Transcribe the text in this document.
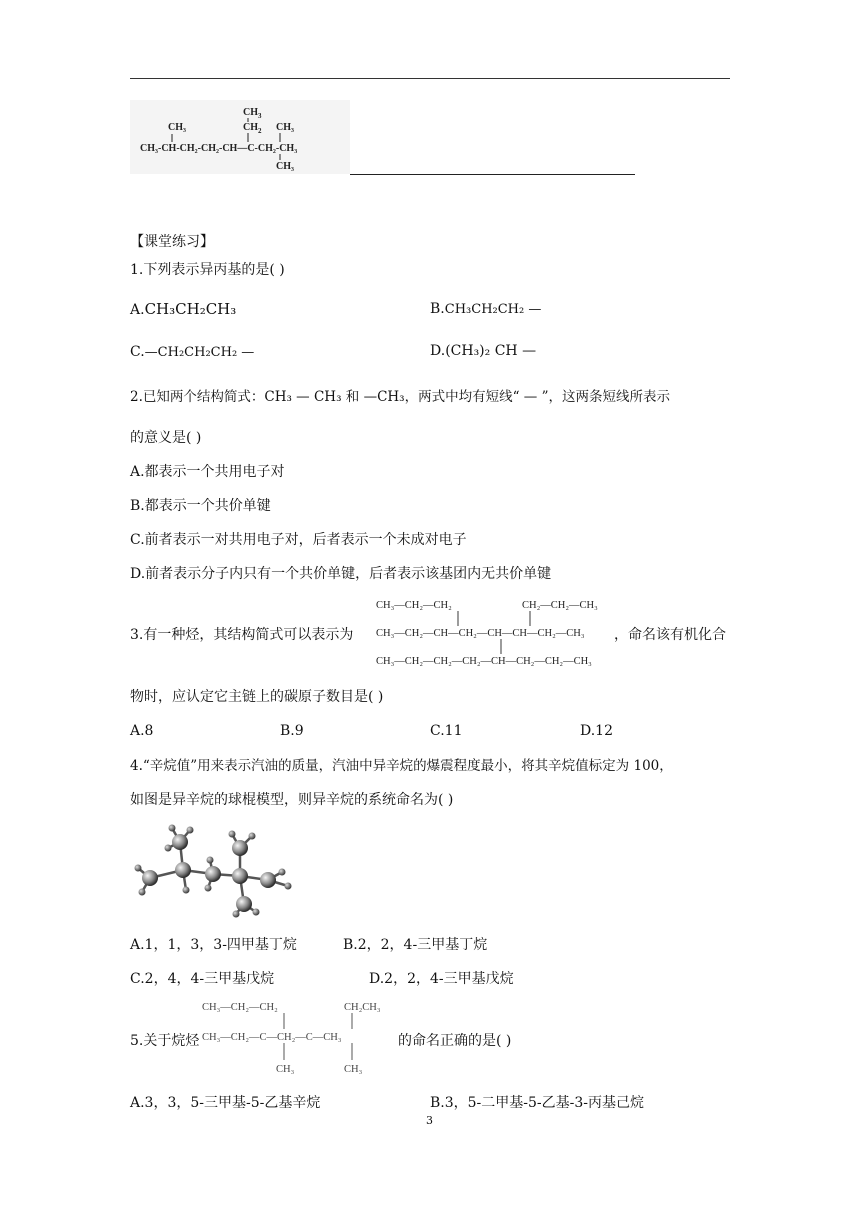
CH 3
CH 2
CH₃	CH₃
CH₃-CH-CH₂-CH₂-CH—C-CH₂-CH₃
CH₃
【课堂练习】
1.下列表示异丙基的是( )
A.CH₃CH₂CH₃	B.CH₃CH₂CH₂ —
C.—CH₂CH₂CH₂ —	D.(CH₃)₂ CH —
2.已知两个结构简式：CH₃ — CH₃ 和 —CH₃，两式中均有短线“ — ”，这两条短线所表示
的意义是( )
A.都表示一个共用电子对
B.都表示一个共价单键
C.前者表示一对共用电子对，后者表示一个未成对电子
D.前者表示分子内只有一个共价单键，后者表示该基团内无共价单键
3.有一种烃，其结构简式可以表示为
CH₃—CH₂—CH₂	CH₂—CH₂—CH₃
CH₃—CH₂—CH—CH₂—CH—CH—CH₂—CH₃
CH₃—CH₂—CH₂—CH₂—CH—CH₂—CH₂—CH₃
，命名该有机化合
物时，应认定它主链上的碳原子数目是( )
A.8	B.9	C.11	D.12
4.“辛烷值”用来表示汽油的质量，汽油中异辛烷的爆震程度最小，将其辛烷值标定为 100，
如图是异辛烷的球棍模型，则异辛烷的系统命名为( )
A.1，1，3，3-四甲基丁烷	B.2，2，4-三甲基丁烷
C.2，4，4-三甲基戊烷	D.2，2，4-三甲基戊烷
5.关于烷烃
CH₃—CH₂—CH₂	CH₂CH₃
CH₃—CH₂—C—CH₂—C—CH₃
CH₃	CH₃
的命名正确的是( )
A.3，3，5-三甲基-5-乙基辛烷	B.3，5-二甲基-5-乙基-3-丙基己烷
3
